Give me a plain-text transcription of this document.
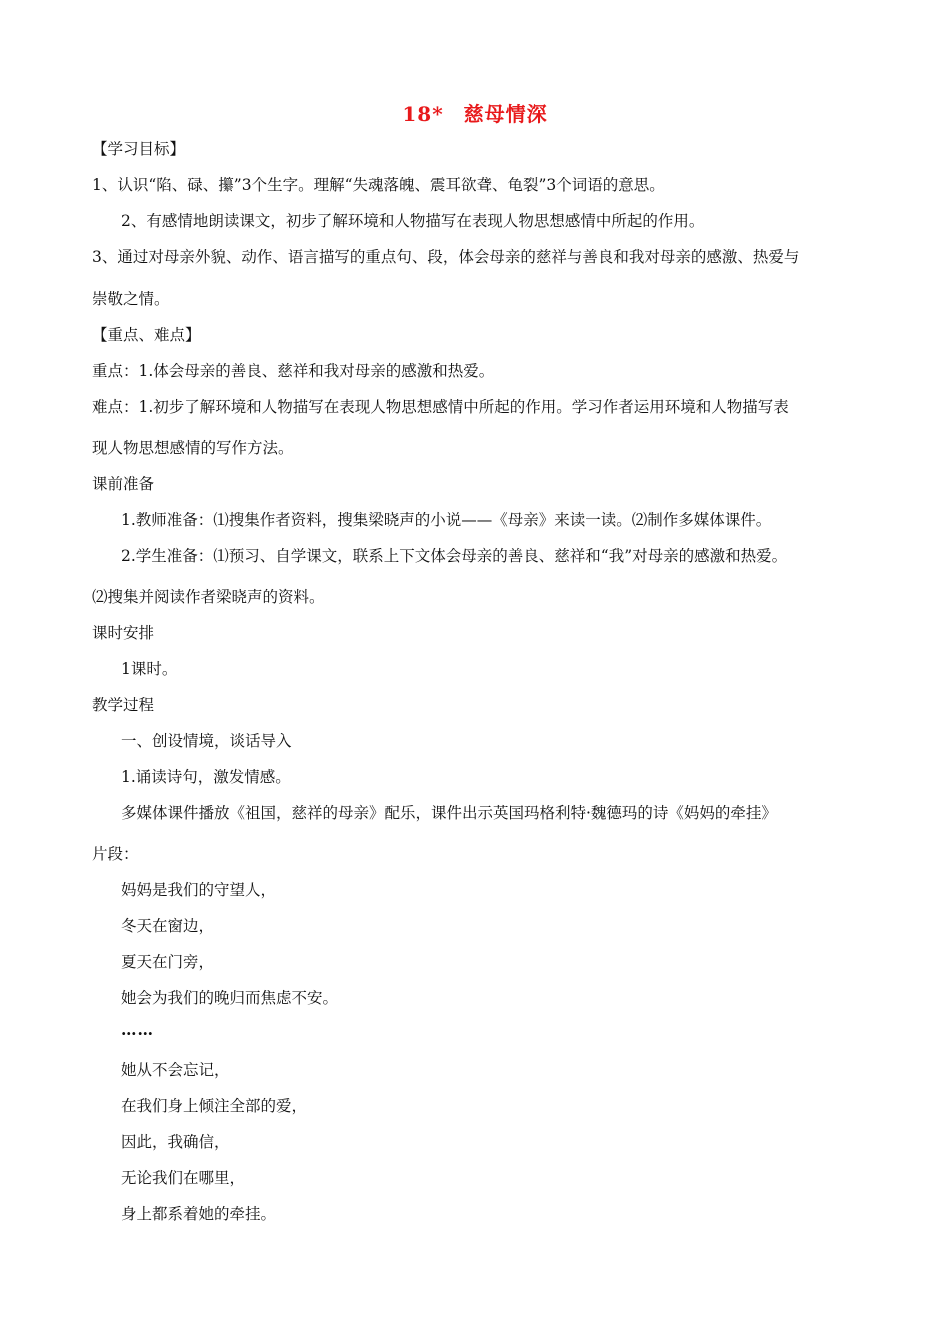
18* 慈母情深
【学习目标】
1、认识“陷、碌、攥”3个生字。理解“失魂落魄、震耳欲聋、龟裂”3个词语的意思。
2、有感情地朗读课文，初步了解环境和人物描写在表现人物思想感情中所起的作用。
3、通过对母亲外貌、动作、语言描写的重点句、段，体会母亲的慈祥与善良和我对母亲的感激、热爱与
崇敬之情。
【重点、难点】
重点：1.体会母亲的善良、慈祥和我对母亲的感激和热爱。
难点：1.初步了解环境和人物描写在表现人物思想感情中所起的作用。学习作者运用环境和人物描写表
现人物思想感情的写作方法。
课前准备
1.教师准备：⑴搜集作者资料，搜集梁晓声的小说——《母亲》来读一读。⑵制作多媒体课件。
2.学生准备：⑴预习、自学课文，联系上下文体会母亲的善良、慈祥和“我”对母亲的感激和热爱。
⑵搜集并阅读作者梁晓声的资料。
课时安排
1课时。
教学过程
一、创设情境，谈话导入
1.诵读诗句，激发情感。
多媒体课件播放《祖国，慈祥的母亲》配乐，课件出示英国玛格利特·魏德玛的诗《妈妈的牵挂》
片段：
妈妈是我们的守望人，
冬天在窗边，
夏天在门旁，
她会为我们的晚归而焦虑不安。
……
她从不会忘记，
在我们身上倾注全部的爱，
因此，我确信，
无论我们在哪里，
身上都系着她的牵挂。
